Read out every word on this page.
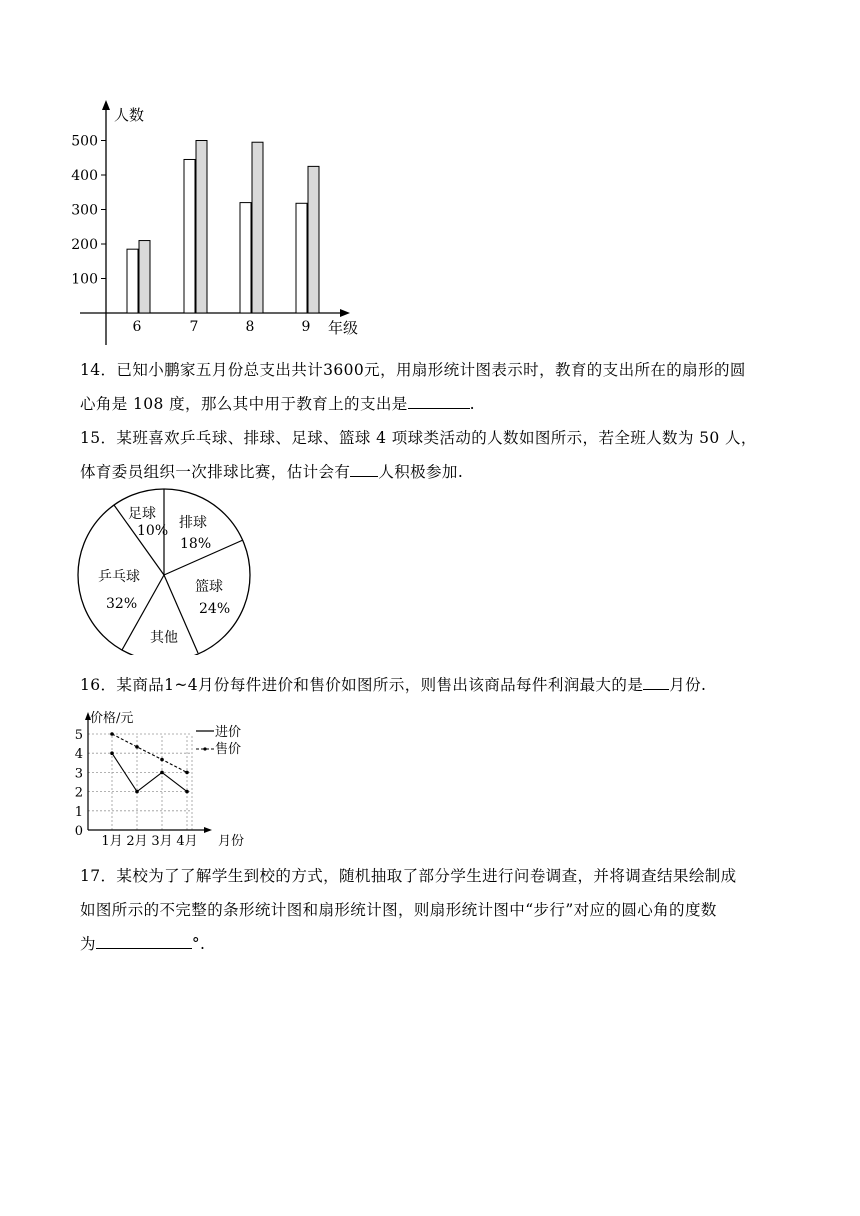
人数
年级
500
400
300
200
100
6	7	8	9
14．已知小鹏家五月份总支出共计3600元，用扇形统计图表示时，教育的支出所在的扇形的圆
心角是 108 度，那么其中用于教育上的支出是	.
15．某班喜欢乒乓球、排球、足球、篮球 4 项球类活动的人数如图所示，若全班人数为 50 人，
体育委员组织一次排球比赛，估计会有 人积极参加.
足球
10% 排球
18%
乒乓球
32%
篮球
24%
其他
16．某商品1~4月份每件进价和售价如图所示，则售出该商品每件利润最大的是 月份.
价格/元
月份
5
4
3
2
1
0
1月 2月 3月 4月
进价
售价
17．某校为了了解学生到校的方式，随机抽取了部分学生进行问卷调查，并将调查结果绘制成
如图所示的不完整的条形统计图和扇形统计图，则扇形统计图中“步行”对应的圆心角的度数
为	°.
